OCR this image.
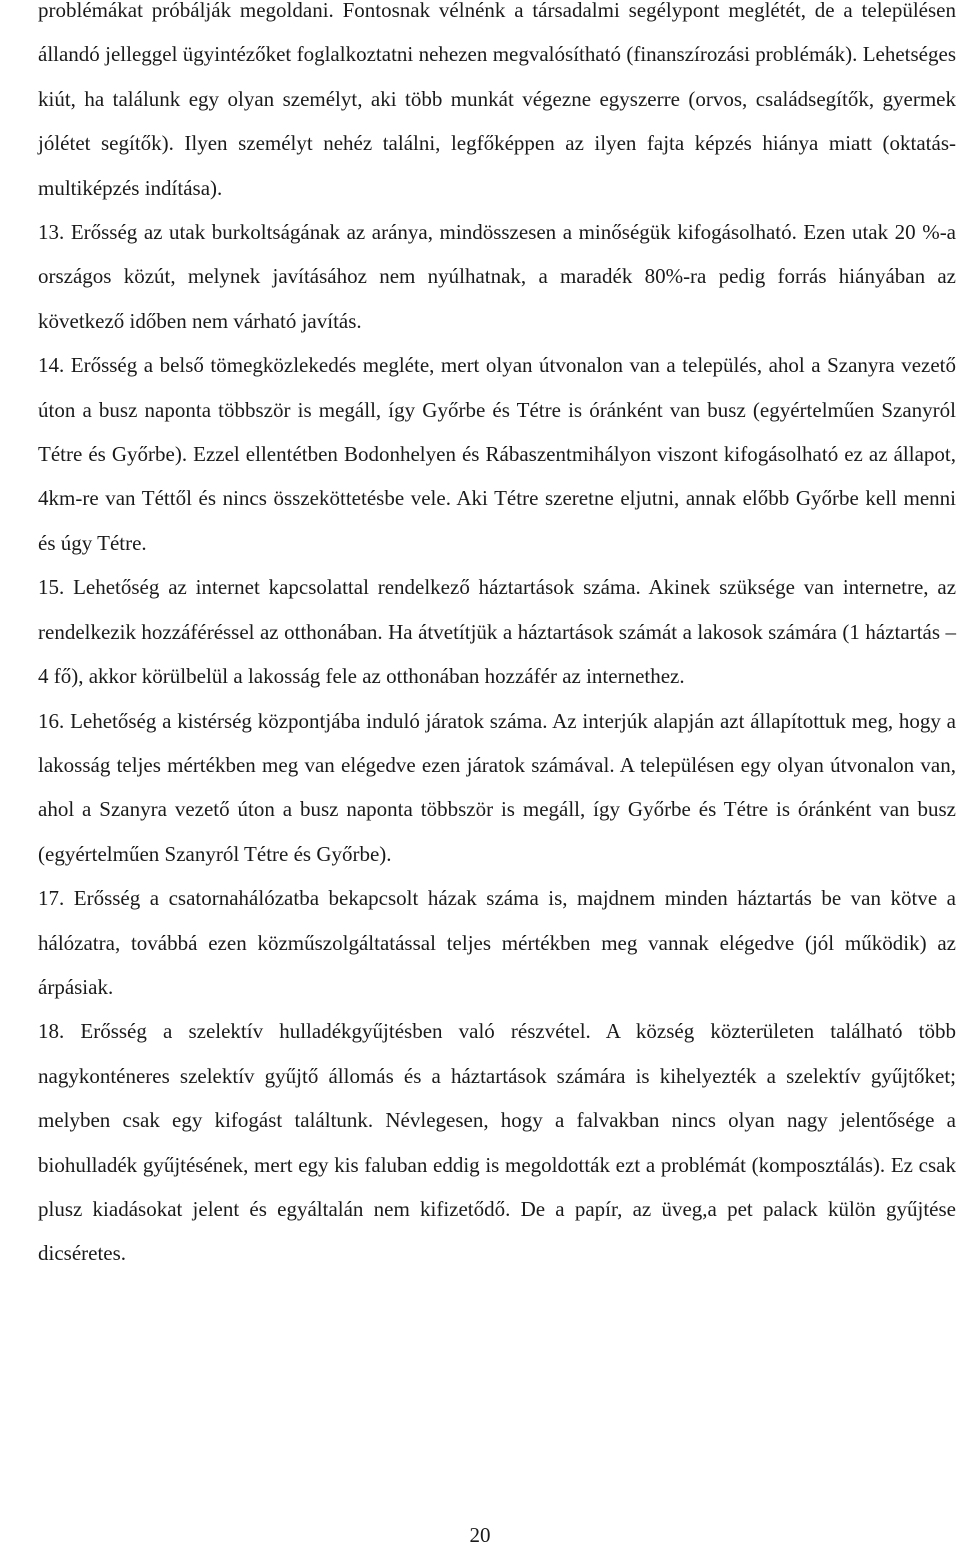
problémákat próbálják megoldani. Fontosnak vélnénk a társadalmi segélypont meglétét, de a településen állandó jelleggel ügyintézőket foglalkoztatni nehezen megvalósítható (finanszírozási problémák). Lehetséges kiút, ha találunk egy olyan személyt, aki több munkát végezne egyszerre (orvos, családsegítők, gyermek jólétet segítők). Ilyen személyt nehéz találni, legfőképpen az ilyen fajta képzés hiánya miatt (oktatás-multiképzés indítása).

13. Erősség az utak burkoltságának az aránya, mindösszesen a minőségük kifogásolható. Ezen utak 20 %-a országos közút, melynek javításához nem nyúlhatnak, a maradék 80%-ra pedig forrás hiányában az következő időben nem várható javítás.

14. Erősség a belső tömegközlekedés megléte, mert olyan útvonalon van a település, ahol a Szanyra vezető úton a busz naponta többször is megáll, így Győrbe és Tétre is óránként van busz (egyértelműen Szanyról Tétre és Győrbe). Ezzel ellentétben Bodonhelyen és Rábaszentmihályon viszont kifogásolható ez az állapot, 4km-re van Téttől és nincs összeköttetésbe vele. Aki Tétre szeretne eljutni, annak előbb Győrbe kell menni és úgy Tétre.

15. Lehetőség az internet kapcsolattal rendelkező háztartások száma. Akinek szüksége van internetre, az rendelkezik hozzáféréssel az otthonában. Ha átvetítjük a háztartások számát a lakosok számára (1 háztartás – 4 fő), akkor körülbelül a lakosság fele az otthonában hozzáfér az internethez.

16. Lehetőség a kistérség központjába induló járatok száma. Az interjúk alapján azt állapítottuk meg, hogy a lakosság teljes mértékben meg van elégedve ezen járatok számával. A településen egy olyan útvonalon van, ahol a Szanyra vezető úton a busz naponta többször is megáll, így Győrbe és Tétre is óránként van busz (egyértelműen Szanyról Tétre és Győrbe).

17. Erősség a csatornahálózatba bekapcsolt házak száma is, majdnem minden háztartás be van kötve a hálózatra, továbbá ezen közműszolgáltatással teljes mértékben meg vannak elégedve (jól működik) az árpásiak.

18. Erősség a szelektív hulladékgyűjtésben való részvétel. A község közterületen található több nagykonténeres szelektív gyűjtő állomás és a háztartások számára is kihelyezték a szelektív gyűjtőket; melyben csak egy kifogást találtunk. Névlegesen, hogy a falvakban nincs olyan nagy jelentősége a biohulladék gyűjtésének, mert egy kis faluban eddig is megoldották ezt a problémát (komposztálás). Ez csak plusz kiadásokat jelent és egyáltalán nem kifizetődő. De a papír, az üveg,a pet palack külön gyűjtése dicséretes.

20
